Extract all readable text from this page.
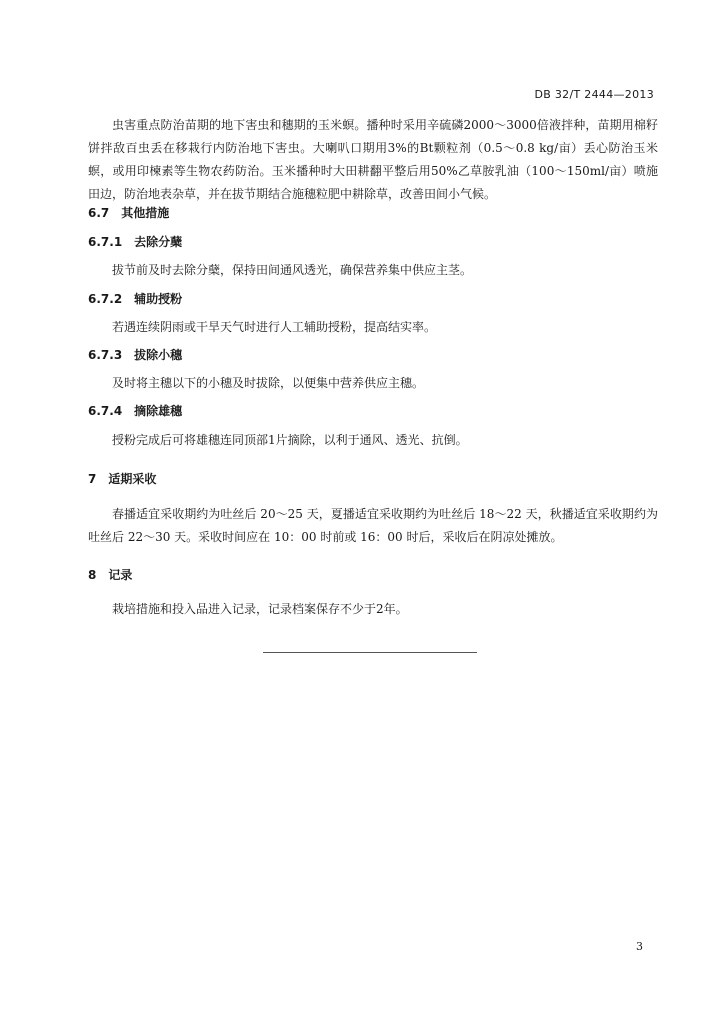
DB 32/T 2444—2013
虫害重点防治苗期的地下害虫和穗期的玉米螟。播种时采用辛硫磷2000～3000倍液拌种，苗期用棉籽饼拌敌百虫丢在移栽行内防治地下害虫。大喇叭口期用3%的Bt颗粒剂（0.5～0.8 kg/亩）丢心防治玉米螟，或用印楝素等生物农药防治。玉米播种时大田耕翻平整后用50%乙草胺乳油（100～150ml/亩）喷施田边，防治地表杂草，并在拔节期结合施穗粒肥中耕除草，改善田间小气候。
6.7 其他措施
6.7.1 去除分蘖
拔节前及时去除分蘖，保持田间通风透光，确保营养集中供应主茎。
6.7.2 辅助授粉
若遇连续阴雨或干旱天气时进行人工辅助授粉，提高结实率。
6.7.3 拔除小穗
及时将主穗以下的小穗及时拔除，以便集中营养供应主穗。
6.7.4 摘除雄穗
授粉完成后可将雄穗连同顶部1片摘除，以利于通风、透光、抗倒。
7 适期采收
春播适宜采收期约为吐丝后 20～25 天，夏播适宜采收期约为吐丝后 18～22 天，秋播适宜采收期约为吐丝后 22～30 天。采收时间应在 10：00 时前或 16：00 时后，采收后在阴凉处摊放。
8 记录
栽培措施和投入品进入记录，记录档案保存不少于2年。
3
